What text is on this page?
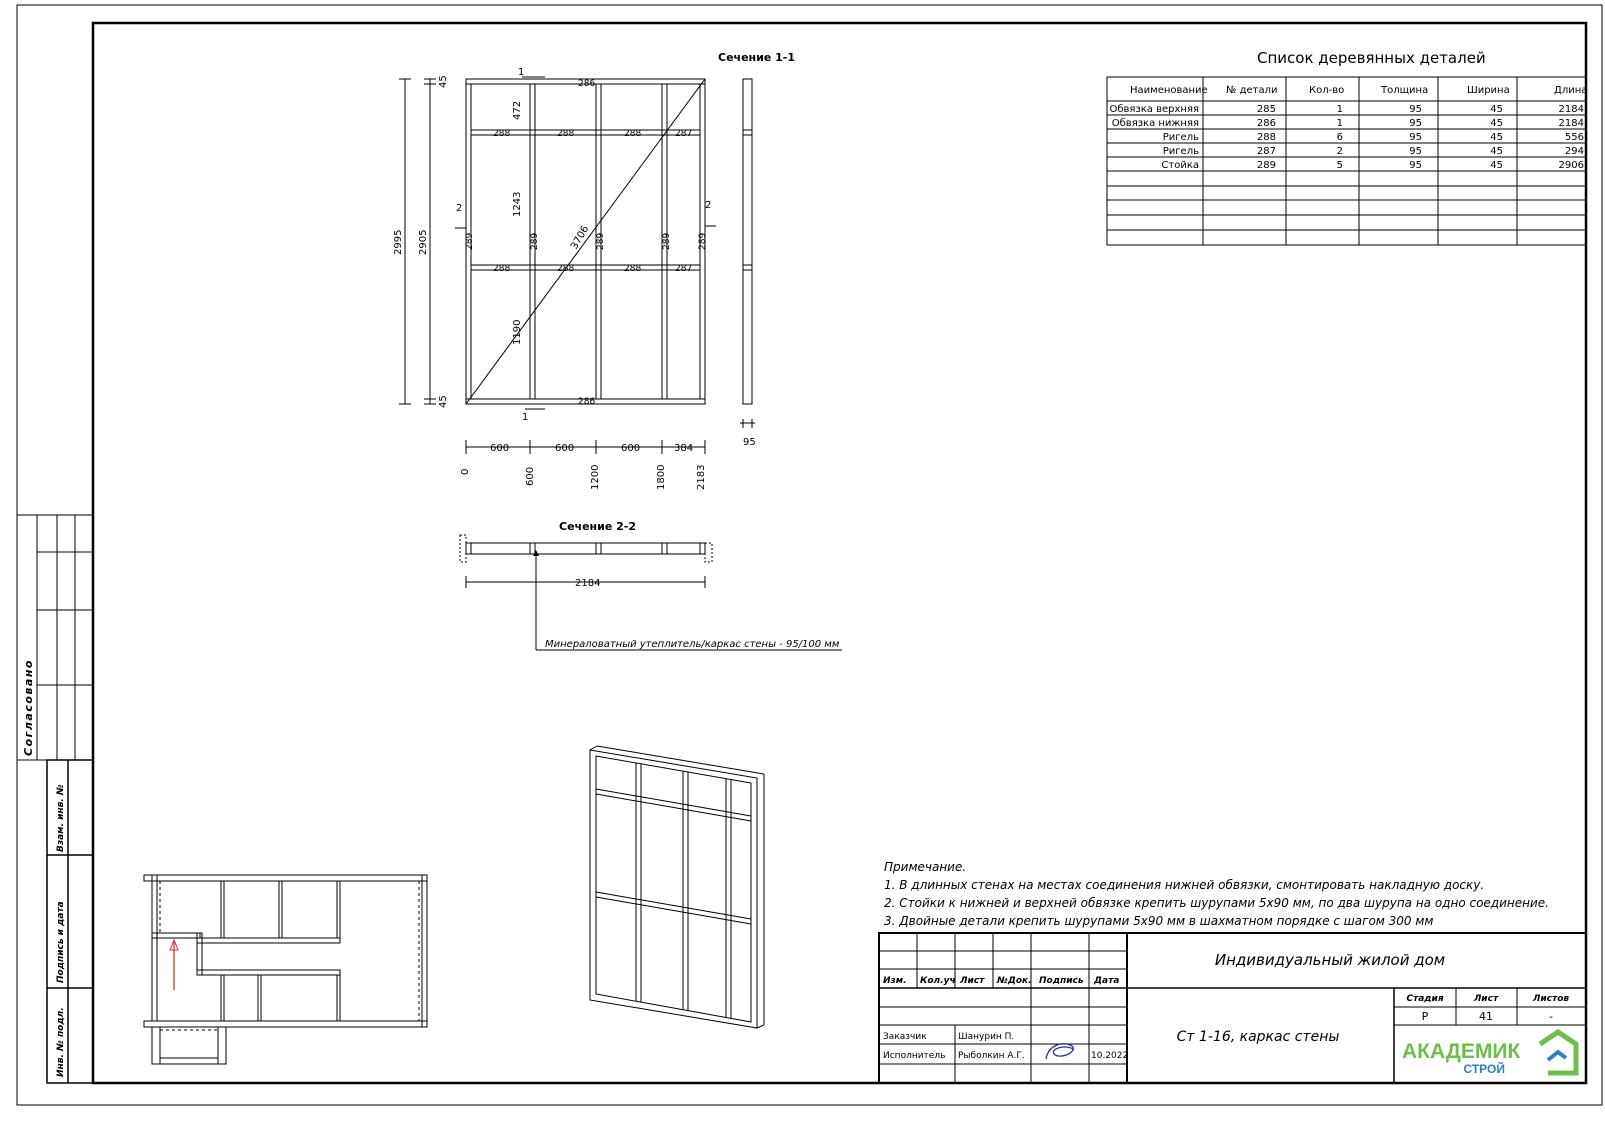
Согласовано
Инв. № подл.
Подпись и дата
Взам. инв. №
Сечение 1-1
95
2995 2905
45
45
472
1243
1190
3706
286
286
1
1
288	288	288	287
288	288	288	287
289	289	289	289	289
2	2
600	600	600	384
0	600	1200	1800	2183
Сечение 2-2
2184
Минераловатный утеплитель/каркас стены - 95/100 мм
Список деревянных деталей
Наименование № детали	Кол-во	Толщина	Ширина	Длина
Обвязка верхняя	285	1	95	45	2184
Обвязка нижняя	286	1	95	45	2184
Ригель	288	6	95	45	556
Ригель	287	2	95	45	294
Стойка	289	5	95	45	2906
Примечание.
1. В длинных стенах на местах соединения нижней обвязки, смонтировать накладную доску.
2. Стойки к нижней и верхней обвязке крепить шурупами 5х90 мм, по два шурупа на одно соединение.
3. Двойные детали крепить шурупами 5х90 мм в шахматном порядке с шагом 300 мм
Изм. Кол.уч Лист №Док. Подпись Дата
Заказчик	Шанурин П.
Исполнитель Рыболкин А.Г.	10.2022
Индивидуальный жилой дом
Ст 1-16, каркас стены
Стадия	Лист	Листов
Р	41	-
АКАДЕМИК
СТРОЙ
